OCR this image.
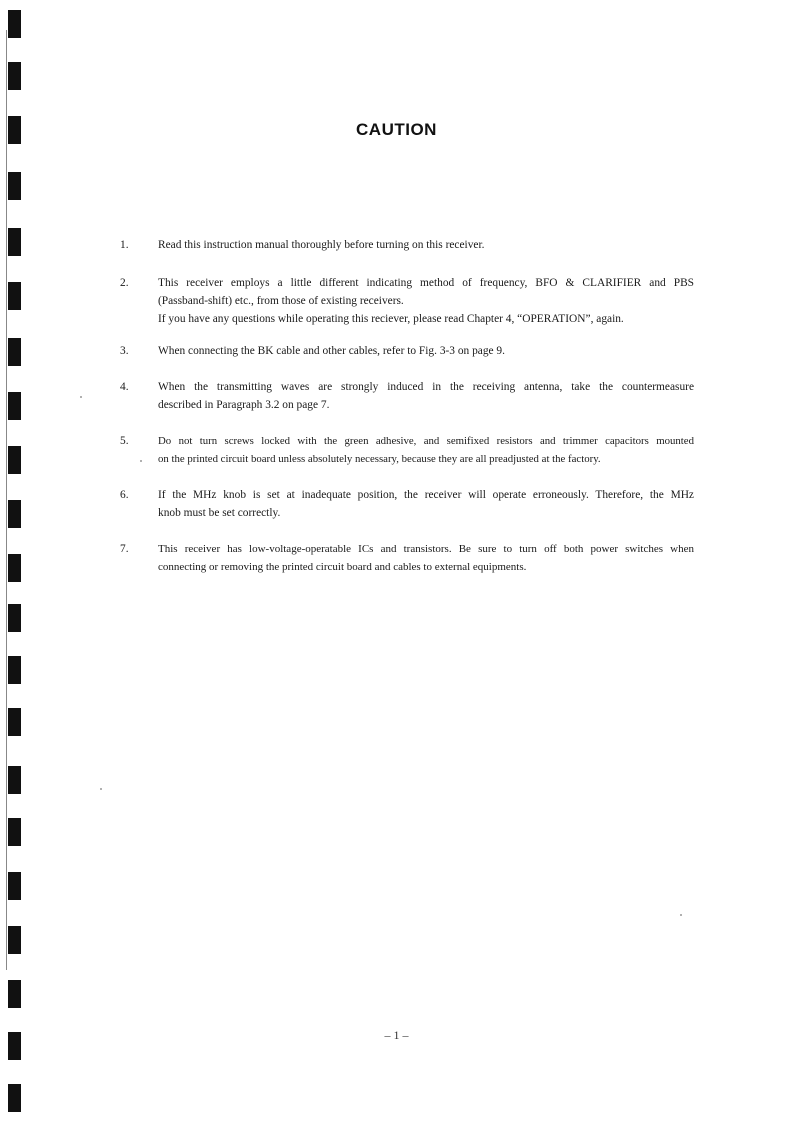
CAUTION
1.	Read this instruction manual thoroughly before turning on this receiver.
2.	This receiver employs a little different indicating method of frequency, BFO & CLARIFIER and PBS
(Passband-shift) etc., from those of existing receivers.
If you have any questions while operating this reciever, please read Chapter 4, “OPERATION”, again.
3.	When connecting the BK cable and other cables, refer to Fig. 3-3 on page 9.
4.	When the transmitting waves are strongly induced in the receiving antenna, take the countermeasure
described in Paragraph 3.2 on page 7.
5.	Do not turn screws locked with the green adhesive, and semifixed resistors and trimmer capacitors mounted
on the printed circuit board unless absolutely necessary, because they are all preadjusted at the factory.
6.	If the MHz knob is set at inadequate position, the receiver will operate erroneously. Therefore, the MHz
knob must be set correctly.
7.	This receiver has low-voltage-operatable ICs and transistors. Be sure to turn off both power switches when
connecting or removing the printed circuit board and cables to external equipments.
– 1 –
